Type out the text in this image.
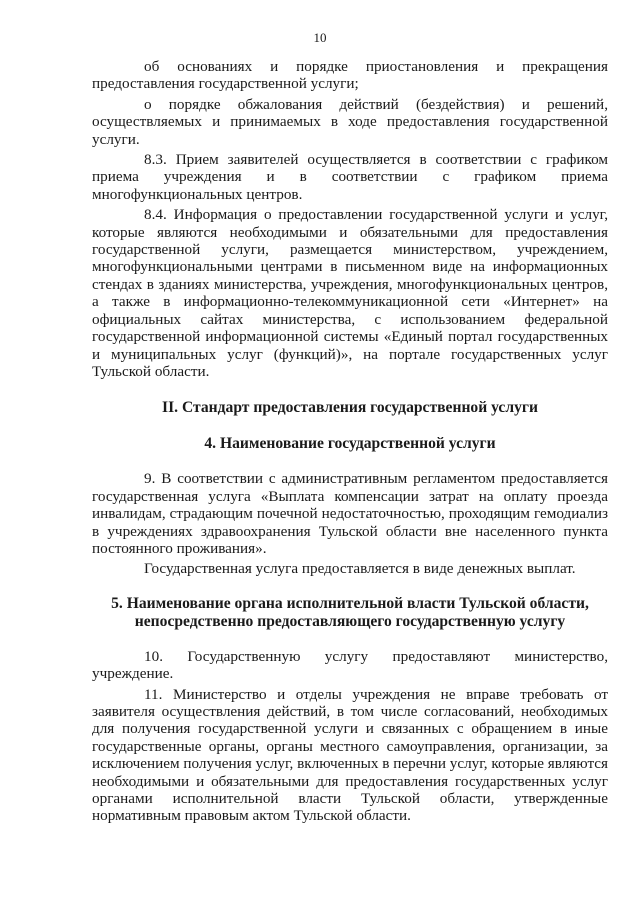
10

об основаниях и порядке приостановления и прекращения предоставления государственной услуги;

о порядке обжалования действий (бездействия) и решений, осуществляемых и принимаемых в ходе предоставления государственной услуги.

8.3. Прием заявителей осуществляется в соответствии с графиком приема учреждения и в соответствии с графиком приема многофункциональных центров.

8.4. Информация о предоставлении государственной услуги и услуг, которые являются необходимыми и обязательными для предоставления государственной услуги, размещается министерством, учреждением, многофункциональными центрами в письменном виде на информационных стендах в зданиях министерства, учреждения, многофункциональных центров, а также в информационно-телекоммуникационной сети «Интернет» на официальных сайтах министерства, с использованием федеральной государственной информационной системы «Единый портал государственных и муниципальных услуг (функций)», на портале государственных услуг Тульской области.

II. Стандарт предоставления государственной услуги
4. Наименование государственной услуги

9. В соответствии с административным регламентом предоставляется государственная услуга «Выплата компенсации затрат на оплату проезда инвалидам, страдающим почечной недостаточностью, проходящим гемодиализ в учреждениях здравоохранения Тульской области вне населенного пункта постоянного проживания».

Государственная услуга предоставляется в виде денежных выплат.

5. Наименование органа исполнительной власти Тульской области,
непосредственно предоставляющего государственную услугу

10. Государственную услугу предоставляют министерство, учреждение.

11. Министерство и отделы учреждения не вправе требовать от заявителя осуществления действий, в том числе согласований, необходимых для получения государственной услуги и связанных с обращением в иные государственные органы, органы местного самоуправления, организации, за исключением получения услуг, включенных в перечни услуг, которые являются необходимыми и обязательными для предоставления государственных услуг органами исполнительной власти Тульской области, утвержденные нормативным правовым актом Тульской области.
